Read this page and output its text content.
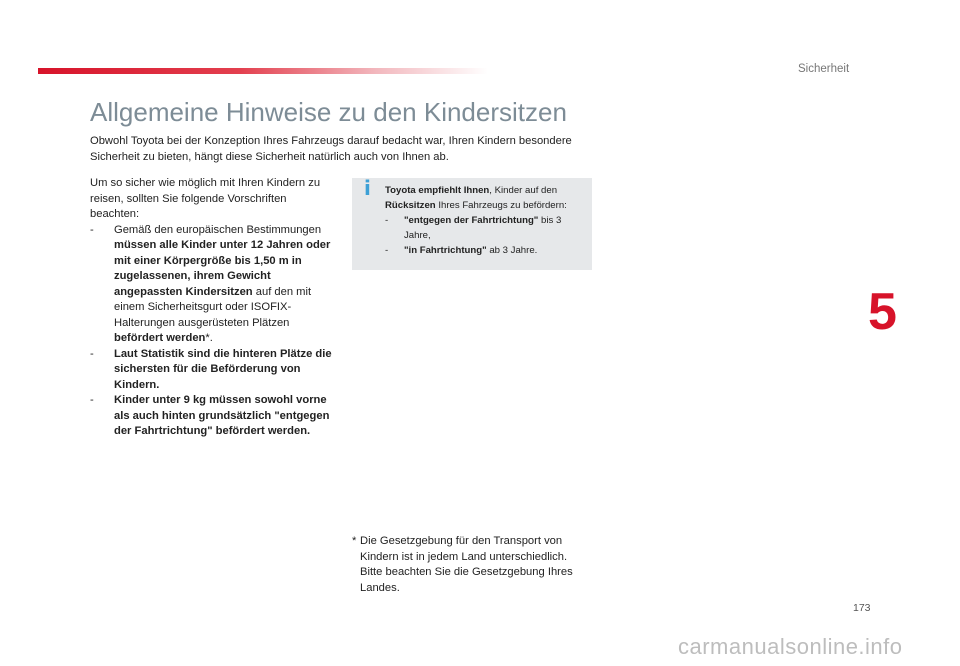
Sicherheit
5
Allgemeine Hinweise zu den Kindersitzen

Obwohl Toyota bei der Konzeption Ihres Fahrzeugs darauf bedacht war, Ihren Kindern besondere Sicherheit zu bieten, hängt diese Sicherheit natürlich auch von Ihnen ab.

Um so sicher wie möglich mit Ihren Kindern zu reisen, sollten Sie folgende Vorschriften beachten:

- Gemäß den europäischen Bestimmungen müssen alle Kinder unter 12 Jahren oder mit einer Körpergröße bis 1,50 m in zugelassenen, ihrem Gewicht angepassten Kindersitzen auf den mit einem Sicherheitsgurt oder ISOFIX-Halterungen ausgerüsteten Plätzen befördert werden*.
- Laut Statistik sind die hinteren Plätze die sichersten für die Beförderung von Kindern.
- Kinder unter 9 kg müssen sowohl vorne als auch hinten grundsätzlich "entgegen der Fahrtrichtung" befördert werden.
i Toyota empfiehlt Ihnen, Kinder auf den Rücksitzen Ihres Fahrzeugs zu befördern:

- "entgegen der Fahrtrichtung" bis 3 Jahre,
- "in Fahrtrichtung" ab 3 Jahre.
* Die Gesetzgebung für den Transport von Kindern ist in jedem Land unterschiedlich. Bitte beachten Sie die Gesetzgebung Ihres Landes.
173
carmanualsonline.info
